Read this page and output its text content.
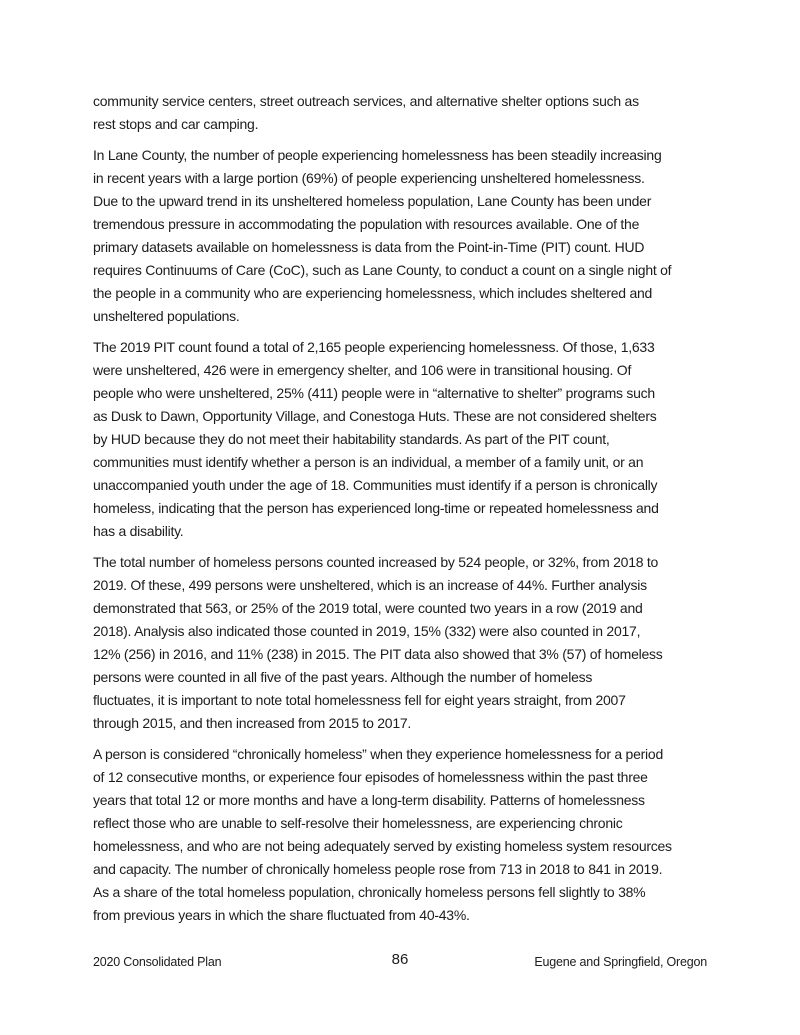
community service centers, street outreach services, and alternative shelter options such as
rest stops and car camping.

In Lane County, the number of people experiencing homelessness has been steadily increasing
in recent years with a large portion (69%) of people experiencing unsheltered homelessness.
Due to the upward trend in its unsheltered homeless population, Lane County has been under
tremendous pressure in accommodating the population with resources available. One of the
primary datasets available on homelessness is data from the Point-in-Time (PIT) count. HUD
requires Continuums of Care (CoC), such as Lane County, to conduct a count on a single night of
the people in a community who are experiencing homelessness, which includes sheltered and
unsheltered populations.

The 2019 PIT count found a total of 2,165 people experiencing homelessness. Of those, 1,633
were unsheltered, 426 were in emergency shelter, and 106 were in transitional housing. Of
people who were unsheltered, 25% (411) people were in “alternative to shelter” programs such
as Dusk to Dawn, Opportunity Village, and Conestoga Huts. These are not considered shelters
by HUD because they do not meet their habitability standards. As part of the PIT count,
communities must identify whether a person is an individual, a member of a family unit, or an
unaccompanied youth under the age of 18. Communities must identify if a person is chronically
homeless, indicating that the person has experienced long-time or repeated homelessness and
has a disability.

The total number of homeless persons counted increased by 524 people, or 32%, from 2018 to
2019. Of these, 499 persons were unsheltered, which is an increase of 44%. Further analysis
demonstrated that 563, or 25% of the 2019 total, were counted two years in a row (2019 and
2018). Analysis also indicated those counted in 2019, 15% (332) were also counted in 2017,
12% (256) in 2016, and 11% (238) in 2015. The PIT data also showed that 3% (57) of homeless
persons were counted in all five of the past years. Although the number of homeless
fluctuates, it is important to note total homelessness fell for eight years straight, from 2007
through 2015, and then increased from 2015 to 2017.

A person is considered “chronically homeless” when they experience homelessness for a period
of 12 consecutive months, or experience four episodes of homelessness within the past three
years that total 12 or more months and have a long-term disability. Patterns of homelessness
reflect those who are unable to self-resolve their homelessness, are experiencing chronic
homelessness, and who are not being adequately served by existing homeless system resources
and capacity. The number of chronically homeless people rose from 713 in 2018 to 841 in 2019.
As a share of the total homeless population, chronically homeless persons fell slightly to 38%
from previous years in which the share fluctuated from 40-43%.

2020 Consolidated Plan	86	Eugene and Springfield, Oregon
